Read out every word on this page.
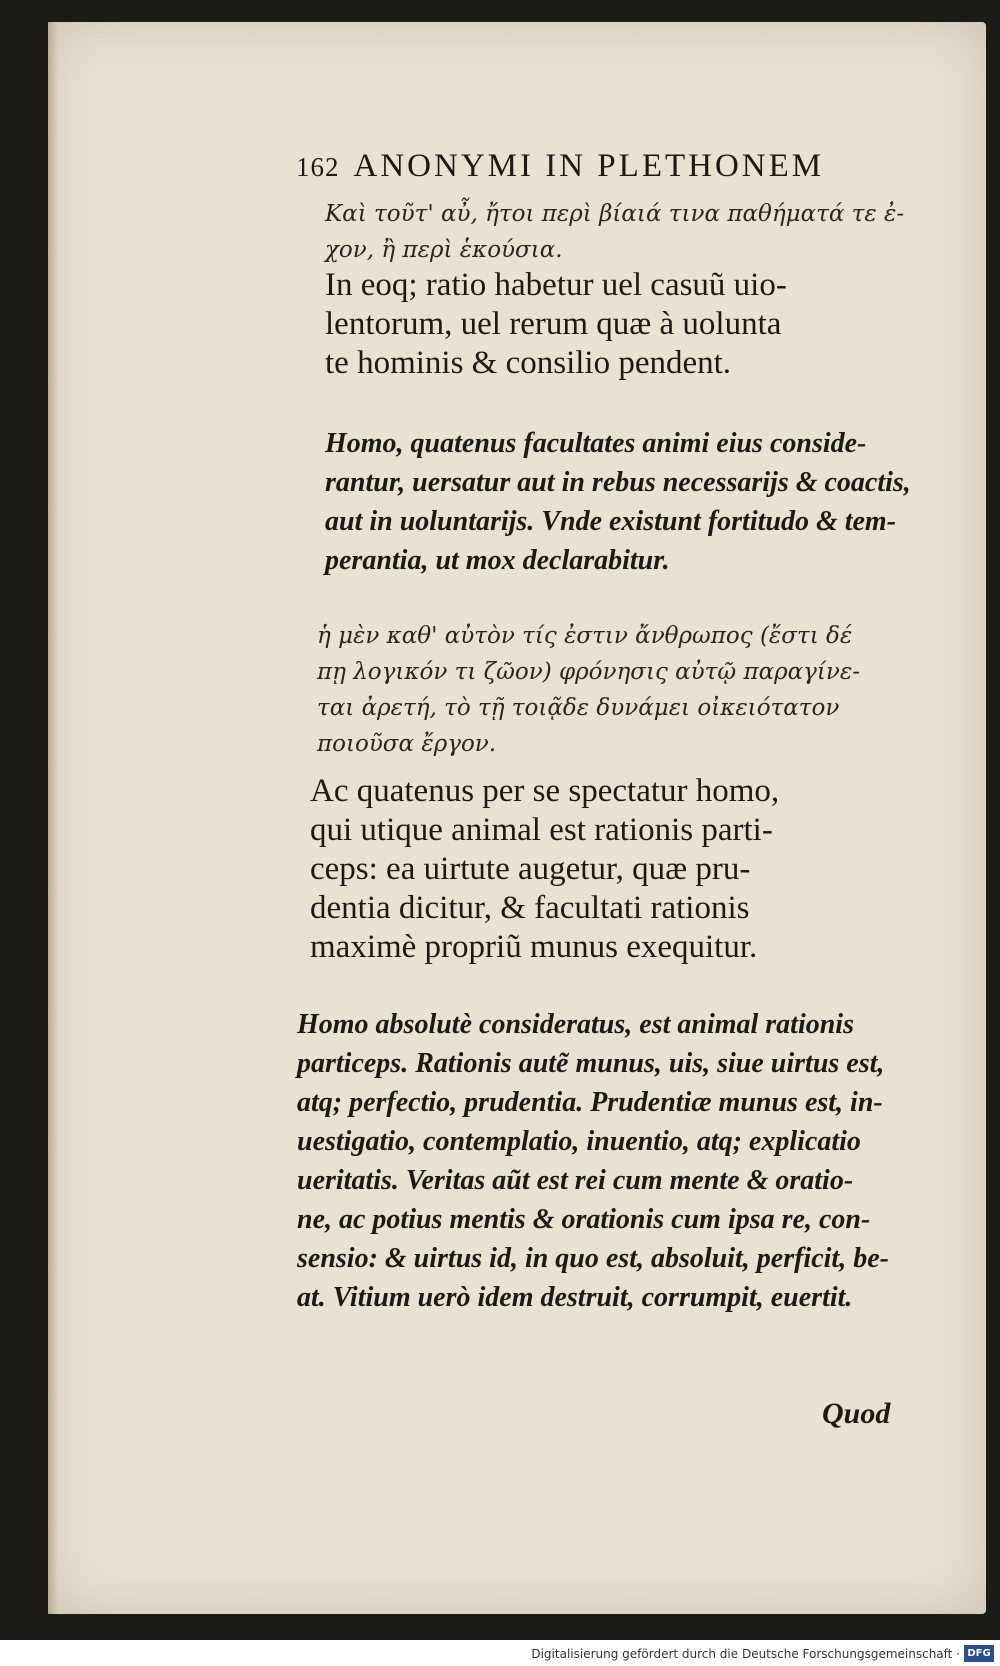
162 ANONYMI IN PLETHONEM
Καὶ τοῦτ' αὖ, ἤτοι περὶ βίαιά τινα παθήματά τε ἐ-
χον, ἢ περὶ ἑκούσια.
In eoq; ratio habetur uel casuũ uio-
lentorum, uel rerum quæ à uolunta
te hominis & consilio pendent.
Homo, quatenus facultates animi eius conside-
rantur, uersatur aut in rebus necessarijs & coactis,
aut in uoluntarijs. Vnde existunt fortitudo & tem-
perantia, ut mox declarabitur.
ἡ μὲν καθ' αὐτὸν τίς ἐστιν ἄνθρωπος (ἔστι δέ
πῃ λογικόν τι ζῶον) φρόνησις αὐτῷ παραγίνε-
ται ἀρετή, τὸ τῇ τοιᾷδε δυνάμει οἰκειότατον
ποιοῦσα ἔργον.
Ac quatenus per se spectatur homo,
qui utique animal est rationis parti-
ceps: ea uirtute augetur, quæ pru-
dentia dicitur, & facultati rationis
maximè propriũ munus exequitur.
Homo absolutè consideratus, est animal rationis
particeps. Rationis autẽ munus, uis, siue uirtus est,
atq; perfectio, prudentia. Prudentiæ munus est, in-
uestigatio, contemplatio, inuentio, atq; explicatio
ueritatis. Veritas aũt est rei cum mente & oratio-
ne, ac potius mentis & orationis cum ipsa re, con-
sensio: & uirtus id, in quo est, absoluit, perficit, be-
at. Vitium uerò idem destruit, corrumpit, euertit.
Quod
Digitalisierung gefördert durch die Deutsche Forschungsgemeinschaft · DFG
